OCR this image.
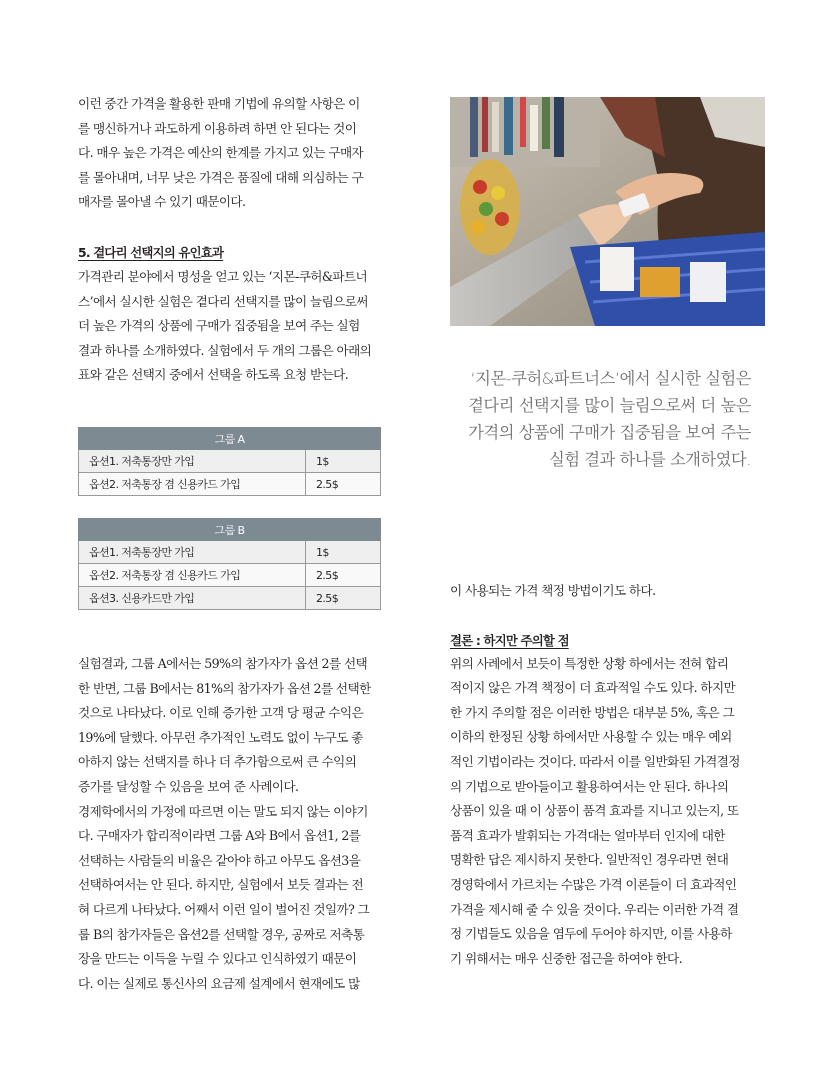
이런 중간 가격을 활용한 판매 기법에 유의할 사항은 이
를 맹신하거나 과도하게 이용하려 하면 안 된다는 것이
다. 매우 높은 가격은 예산의 한계를 가지고 있는 구매자
를 몰아내며, 너무 낮은 가격은 품질에 대해 의심하는 구
매자를 몰아낼 수 있기 때문이다.

5. 곁다리 선택지의 유인효과

가격관리 분야에서 명성을 얻고 있는 ‘지몬-쿠허&파트너
스’에서 실시한 실험은 곁다리 선택지를 많이 늘림으로써
더 높은 가격의 상품에 구매가 집중됨을 보여 주는 실험
결과 하나를 소개하였다. 실험에서 두 개의 그룹은 아래의
표와 같은 선택지 중에서 선택을 하도록 요청 받는다.

그룹 A	
옵션1. 저축통장만 가입	1$
옵션2. 저축통장 겸 신용카드 가입	2.5$
그룹 B	
옵션1. 저축통장만 가입	1$
옵션2. 저축통장 겸 신용카드 가입	2.5$
옵션3. 신용카드만 가입	2.5$

실험결과, 그룹 A에서는 59%의 참가자가 옵션 2를 선택
한 반면, 그룹 B에서는 81%의 참가자가 옵션 2를 선택한
것으로 나타났다. 이로 인해 증가한 고객 당 평균 수익은
19%에 달했다. 아무런 추가적인 노력도 없이 누구도 좋
아하지 않는 선택지를 하나 더 추가함으로써 큰 수익의
증가를 달성할 수 있음을 보여 준 사례이다.
경제학에서의 가정에 따르면 이는 말도 되지 않는 이야기
다. 구매자가 합리적이라면 그룹 A와 B에서 옵션1, 2를
선택하는 사람들의 비율은 같아야 하고 아무도 옵션3을
선택하여서는 안 된다. 하지만, 실험에서 보듯 결과는 전
혀 다르게 나타났다. 어째서 이런 일이 벌어진 것일까? 그
룹 B의 참가자들은 옵션2를 선택할 경우, 공짜로 저축통
장을 만드는 이득을 누릴 수 있다고 인식하였기 때문이
다. 이는 실제로 통신사의 요금제 설계에서 현재에도 많

‘지몬-쿠허&파트너스’에서 실시한 실험은
곁다리 선택지를 많이 늘림으로써 더 높은
가격의 상품에 구매가 집중됨을 보여 주는
실험 결과 하나를 소개하였다.

이 사용되는 가격 책정 방법이기도 하다.

결론 : 하지만 주의할 점

위의 사례에서 보듯이 특정한 상황 하에서는 전혀 합리
적이지 않은 가격 책정이 더 효과적일 수도 있다. 하지만
한 가지 주의할 점은 이러한 방법은 대부분 5%, 혹은 그
이하의 한정된 상황 하에서만 사용할 수 있는 매우 예외
적인 기법이라는 것이다. 따라서 이를 일반화된 가격결정
의 기법으로 받아들이고 활용하여서는 안 된다. 하나의
상품이 있을 때 이 상품이 품격 효과를 지니고 있는지, 또
품격 효과가 발휘되는 가격대는 얼마부터 인지에 대한
명확한 답은 제시하지 못한다. 일반적인 경우라면 현대
경영학에서 가르치는 수많은 가격 이론들이 더 효과적인
가격을 제시해 줄 수 있을 것이다. 우리는 이러한 가격 결
정 기법들도 있음을 염두에 두어야 하지만, 이를 사용하
기 위해서는 매우 신중한 접근을 하여야 한다.
